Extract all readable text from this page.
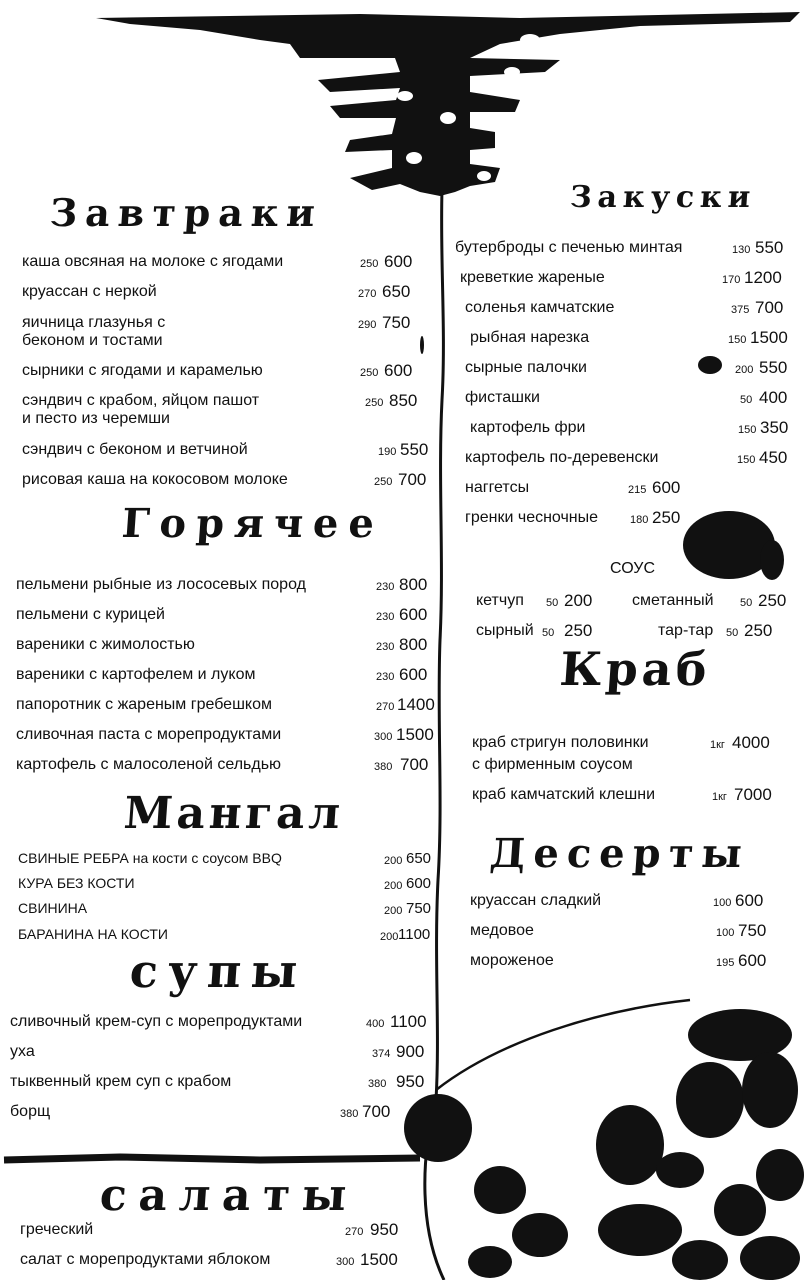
Завтраки
каша овсяная на молоке с ягодами	250 600
круассан с неркой	270 650
яичница глазунья с
беконом и тостами
290 750
сырники с ягодами и карамелью	250 600
сэндвич с крабом, яйцом пашот
и песто из черемши
250 850
сэндвич с беконом и ветчиной	190 550
рисовая каша на кокосовом молоке	250 700
Горячее
пельмени рыбные из лососевых пород	230 800
пельмени с курицей	230 600
вареники с жимолостью	230 800
вареники с картофелем и луком	230 600
папоротник с жареным гребешком	270 1400
сливочная паста с морепродуктами	300 1500
картофель с малосоленой сельдью	380 700
Мангал
СВИНЫЕ РЕБРА на кости с соусом BBQ	200 650
КУРА БЕЗ КОСТИ	200 600
СВИНИНА	200 750
БАРАНИНА НА КОСТИ	200 1100
супы
сливочный крем-суп с морепродуктами	400 1100
уха	374 900
тыквенный крем суп с крабом	380 950
борщ	380 700
салаты
греческий	270 950
салат с морепродуктами яблоком	300 1500
Закуски
бутерброды с печенью минтая	130 550
креветкие жареные	170 1200
соленья камчатские	375 700
рыбная нарезка	150 1500
сырные палочки	200 550
фисташки	50 400
картофель фри	150 350
картофель по-деревенски	150 450
наггетсы	215 600
гренки чесночные	180 250
СОУС
кетчуп 50 200 сметанный 50 250
сырный 50 250	тар-тар 50 250
Краб
краб стригун половинки
с фирменным соусом
1кг 4000
краб камчатский клешни	1кг 7000
Десерты
круассан сладкий	100 600
медовое	100 750
мороженое	195 600
